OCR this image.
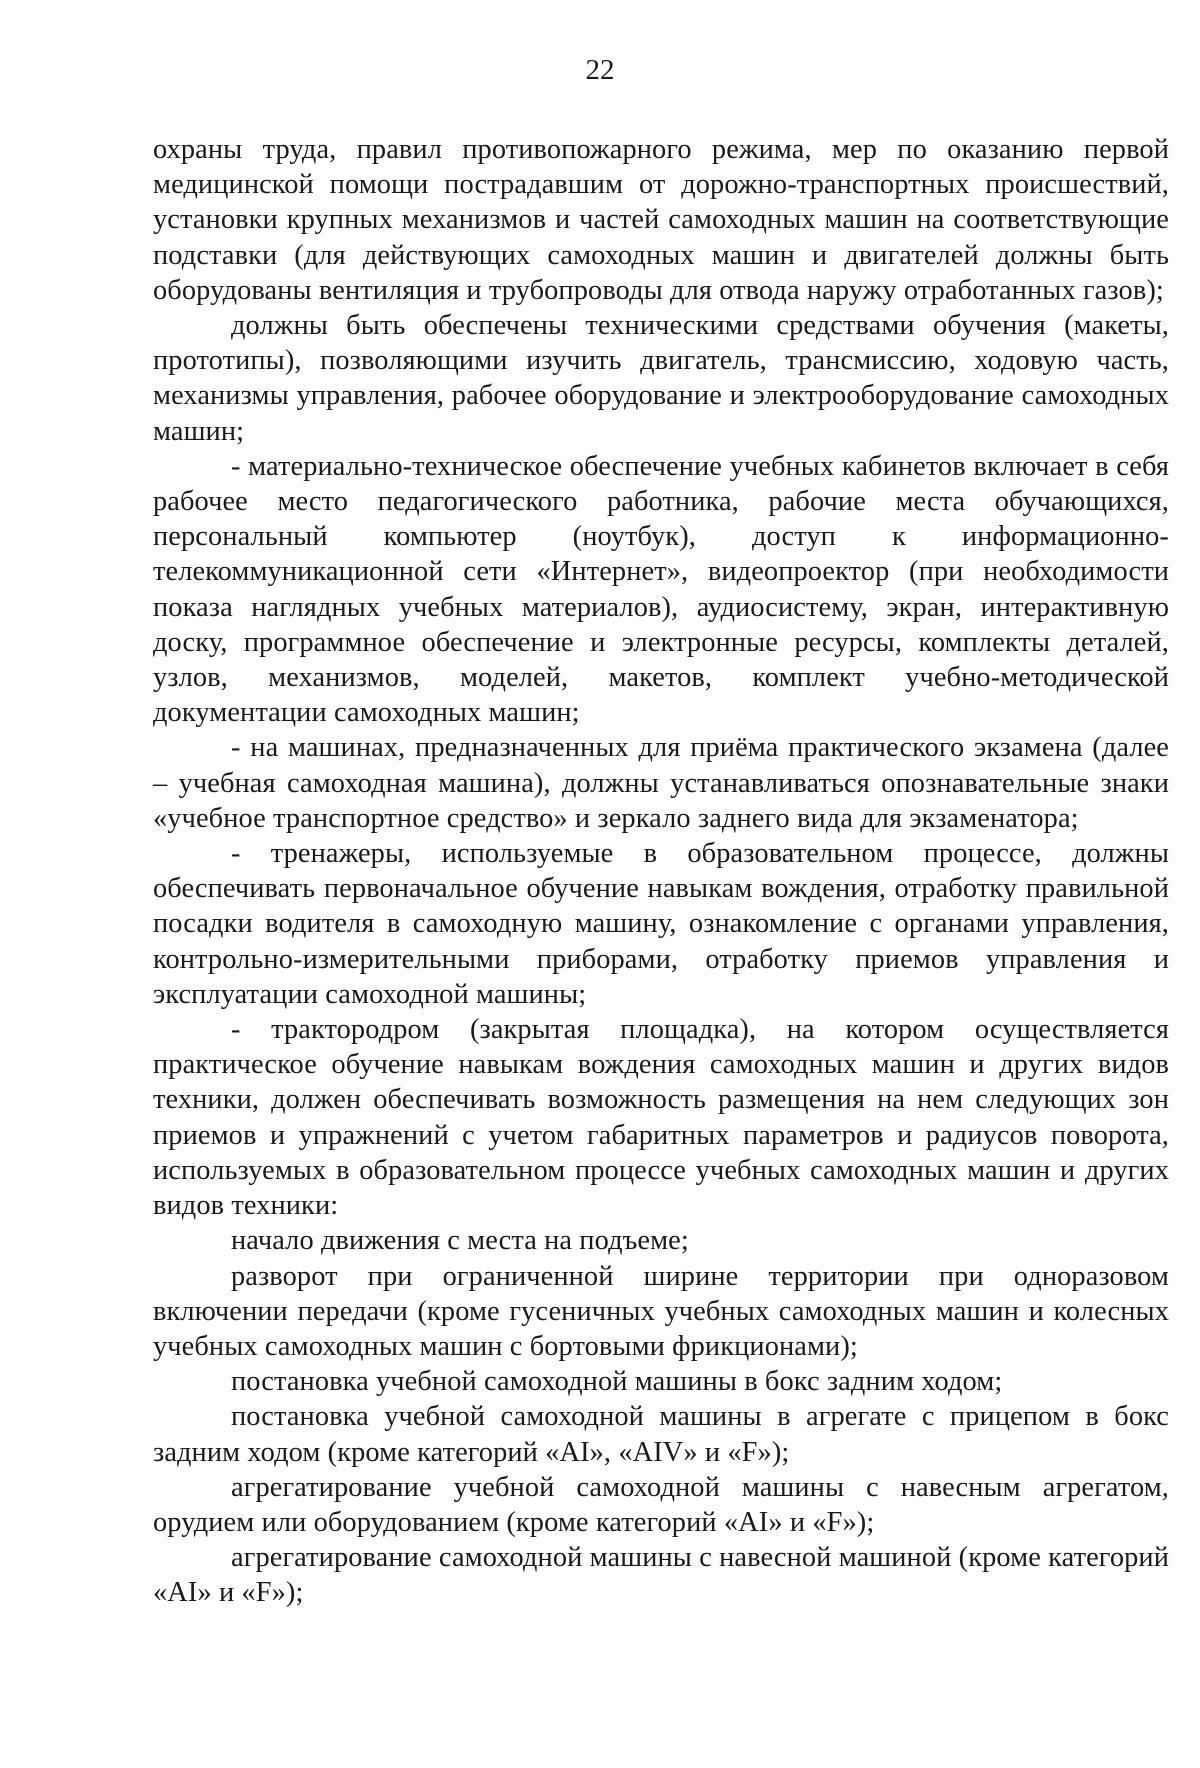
22

охраны труда, правил противопожарного режима, мер по оказанию первой медицинской помощи пострадавшим от дорожно-транспортных происшествий, установки крупных механизмов и частей самоходных машин на соответствующие подставки (для действующих самоходных машин и двигателей должны быть оборудованы вентиляция и трубопроводы для отвода наружу отработанных газов);

должны быть обеспечены техническими средствами обучения (макеты, прототипы), позволяющими изучить двигатель, трансмиссию, ходовую часть, механизмы управления, рабочее оборудование и электрооборудование самоходных машин;

- материально-техническое обеспечение учебных кабинетов включает в себя рабочее место педагогического работника, рабочие места обучающихся, персональный компьютер (ноутбук), доступ к информационно-телекоммуникационной сети «Интернет», видеопроектор (при необходимости показа наглядных учебных материалов), аудиосистему, экран, интерактивную доску, программное обеспечение и электронные ресурсы, комплекты деталей, узлов, механизмов, моделей, макетов, комплект учебно-методической документации самоходных машин;

- на машинах, предназначенных для приёма практического экзамена (далее – учебная самоходная машина), должны устанавливаться опознавательные знаки «учебное транспортное средство» и зеркало заднего вида для экзаменатора;

- тренажеры, используемые в образовательном процессе, должны обеспечивать первоначальное обучение навыкам вождения, отработку правильной посадки водителя в самоходную машину, ознакомление с органами управления, контрольно-измерительными приборами, отработку приемов управления и эксплуатации самоходной машины;

- трактородром (закрытая площадка), на котором осуществляется практическое обучение навыкам вождения самоходных машин и других видов техники, должен обеспечивать возможность размещения на нем следующих зон приемов и упражнений с учетом габаритных параметров и радиусов поворота, используемых в образовательном процессе учебных самоходных машин и других видов техники:

начало движения с места на подъеме;

разворот при ограниченной ширине территории при одноразовом включении передачи (кроме гусеничных учебных самоходных машин и колесных учебных самоходных машин с бортовыми фрикционами);

постановка учебной самоходной машины в бокс задним ходом;

постановка учебной самоходной машины в агрегате с прицепом в бокс задним ходом (кроме категорий «AI», «AIV» и «F»);

агрегатирование учебной самоходной машины с навесным агрегатом, орудием или оборудованием (кроме категорий «AI» и «F»);

агрегатирование самоходной машины с навесной машиной (кроме категорий «AI» и «F»);
